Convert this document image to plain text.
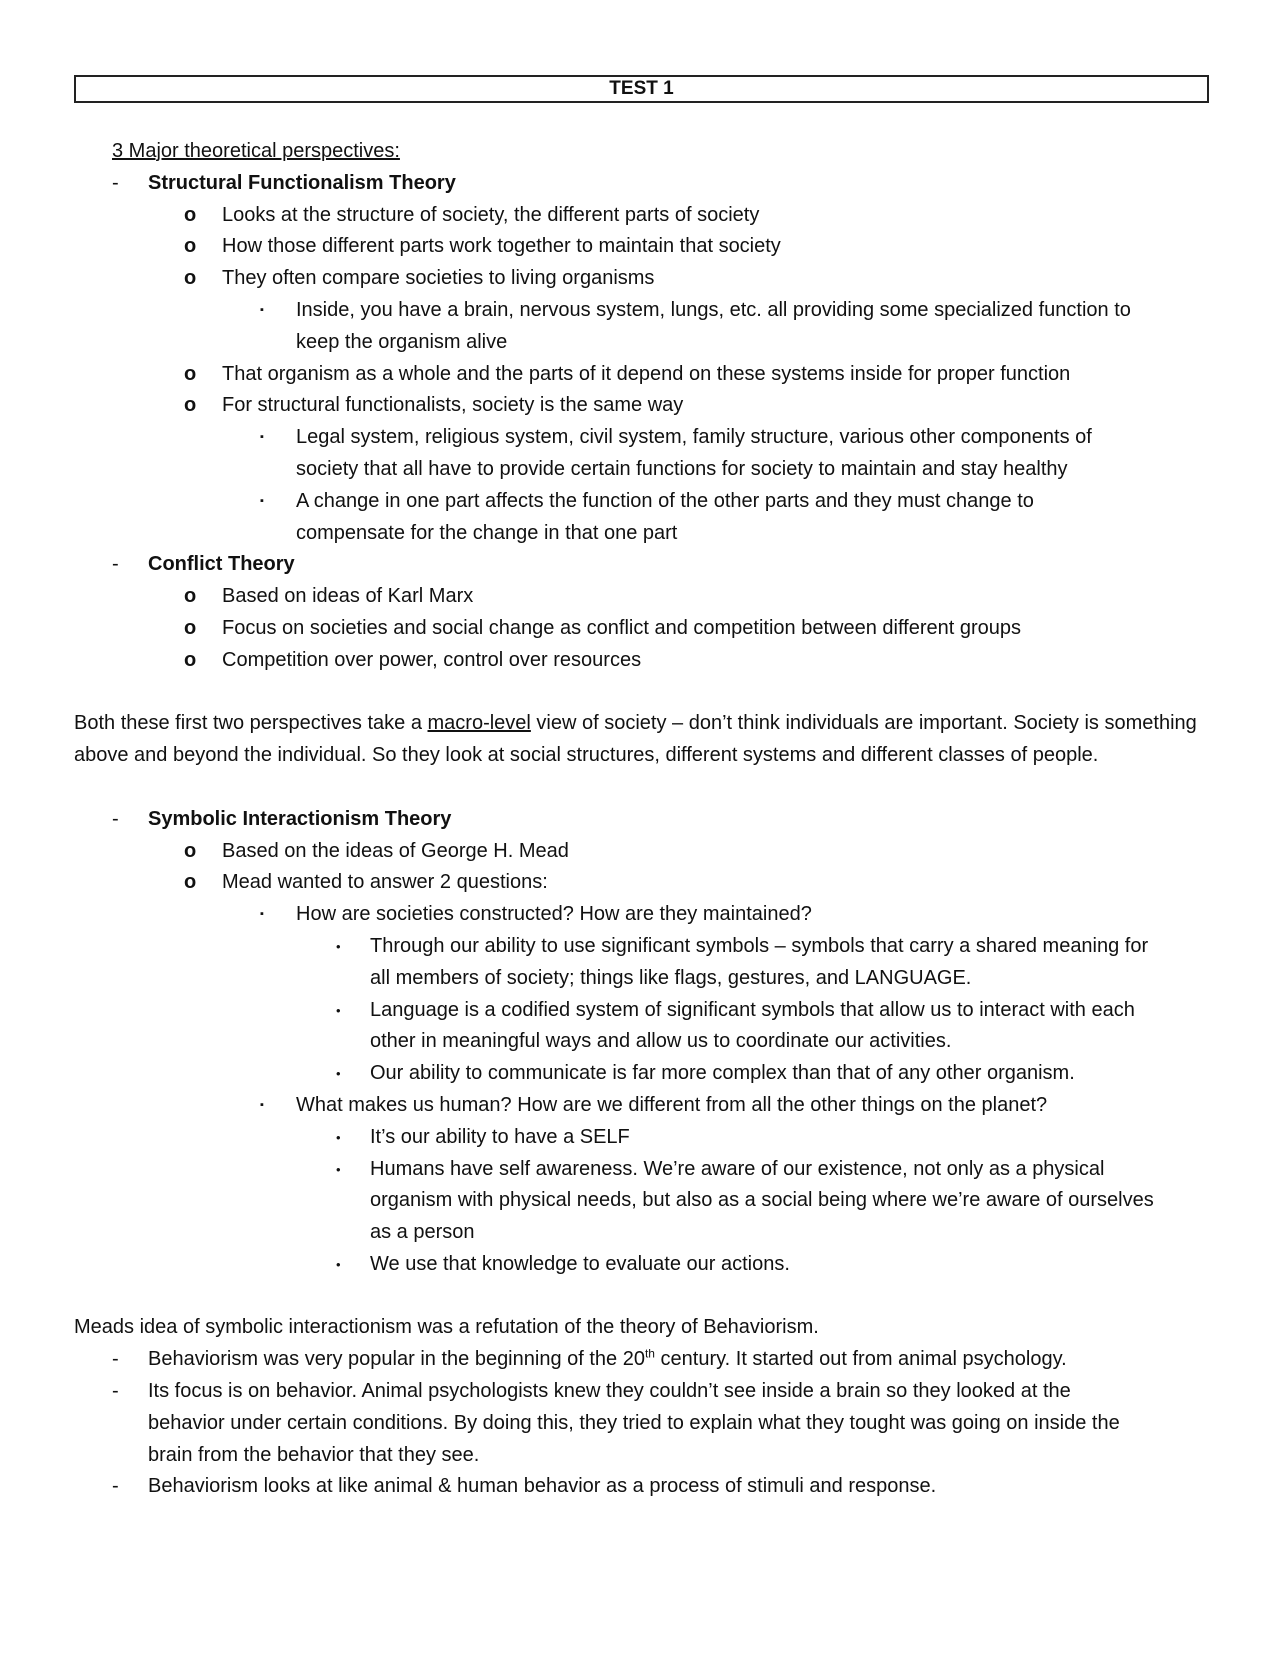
TEST 1
3 Major theoretical perspectives:
- Structural Functionalism Theory
o Looks at the structure of society, the different parts of society
o How those different parts work together to maintain that society
o They often compare societies to living organisms
▪ Inside, you have a brain, nervous system, lungs, etc. all providing some specialized function to
keep the organism alive
o That organism as a whole and the parts of it depend on these systems inside for proper function
o For structural functionalists, society is the same way
▪ Legal system, religious system, civil system, family structure, various other components of
society that all have to provide certain functions for society to maintain and stay healthy
▪ A change in one part affects the function of the other parts and they must change to
compensate for the change in that one part
- Conflict Theory
o Based on ideas of Karl Marx
o Focus on societies and social change as conflict and competition between different groups
o Competition over power, control over resources
Both these first two perspectives take a macro-level view of society – don’t think individuals are important. Society is something above and beyond the individual. So they look at social structures, different systems and different classes of people.
- Symbolic Interactionism Theory
o Based on the ideas of George H. Mead
o Mead wanted to answer 2 questions:
▪ How are societies constructed? How are they maintained?
• Through our ability to use significant symbols – symbols that carry a shared meaning for
all members of society; things like flags, gestures, and LANGUAGE.
• Language is a codified system of significant symbols that allow us to interact with each
other in meaningful ways and allow us to coordinate our activities.
• Our ability to communicate is far more complex than that of any other organism.
▪ What makes us human? How are we different from all the other things on the planet?
• It’s our ability to have a SELF
• Humans have self awareness. We’re aware of our existence, not only as a physical
organism with physical needs, but also as a social being where we’re aware of ourselves
as a person
• We use that knowledge to evaluate our actions.
Meads idea of symbolic interactionism was a refutation of the theory of Behaviorism.
- Behaviorism was very popular in the beginning of the 20th century. It started out from animal psychology.
- Its focus is on behavior. Animal psychologists knew they couldn’t see inside a brain so they looked at the
behavior under certain conditions. By doing this, they tried to explain what they tought was going on inside the
brain from the behavior that they see.
- Behaviorism looks at like animal & human behavior as a process of stimuli and response.
